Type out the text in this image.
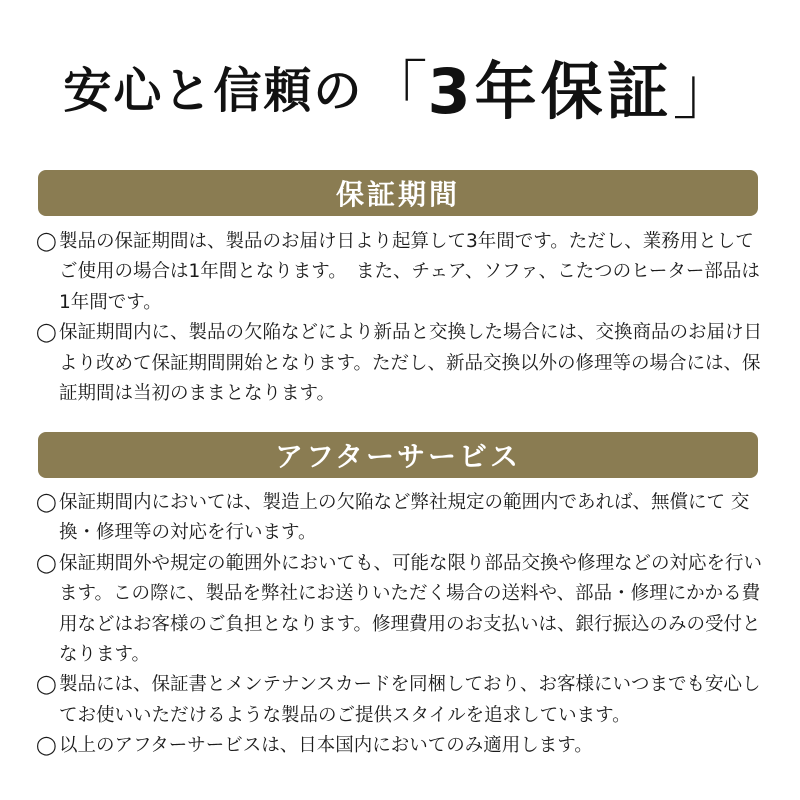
安心と信頼の 「 3年保証 」
保証期間
◯ 製品の保証期間は、製品のお届け日より起算して3年間です。ただし、業務用としてご使用の場合は1年間となります。　また、チェア、ソファ、こたつのヒーター部品は1年間です。
◯ 保証期間内に、製品の欠陥などにより新品と交換した場合には、交換商品のお届け日より改めて保証期間開始となります。ただし、新品交換以外の修理等の場合には、保証期間は当初のままとなります。
アフターサービス
◯ 保証期間内においては、製造上の欠陥など弊社規定の範囲内であれば、無償にて 交換・修理等の対応を行います。
◯ 保証期間外や規定の範囲外においても、可能な限り部品交換や修理などの対応を行います。この際に、製品を弊社にお送りいただく場合の送料や、部品・修理にかかる費用などはお客様のご負担となります。修理費用のお支払いは、銀行振込のみの受付となります。
◯ 製品には、保証書とメンテナンスカードを同梱しており、お客様にいつまでも安心してお使いいただけるような製品のご提供スタイルを追求しています。
◯ 以上のアフターサービスは、日本国内においてのみ適用します。
